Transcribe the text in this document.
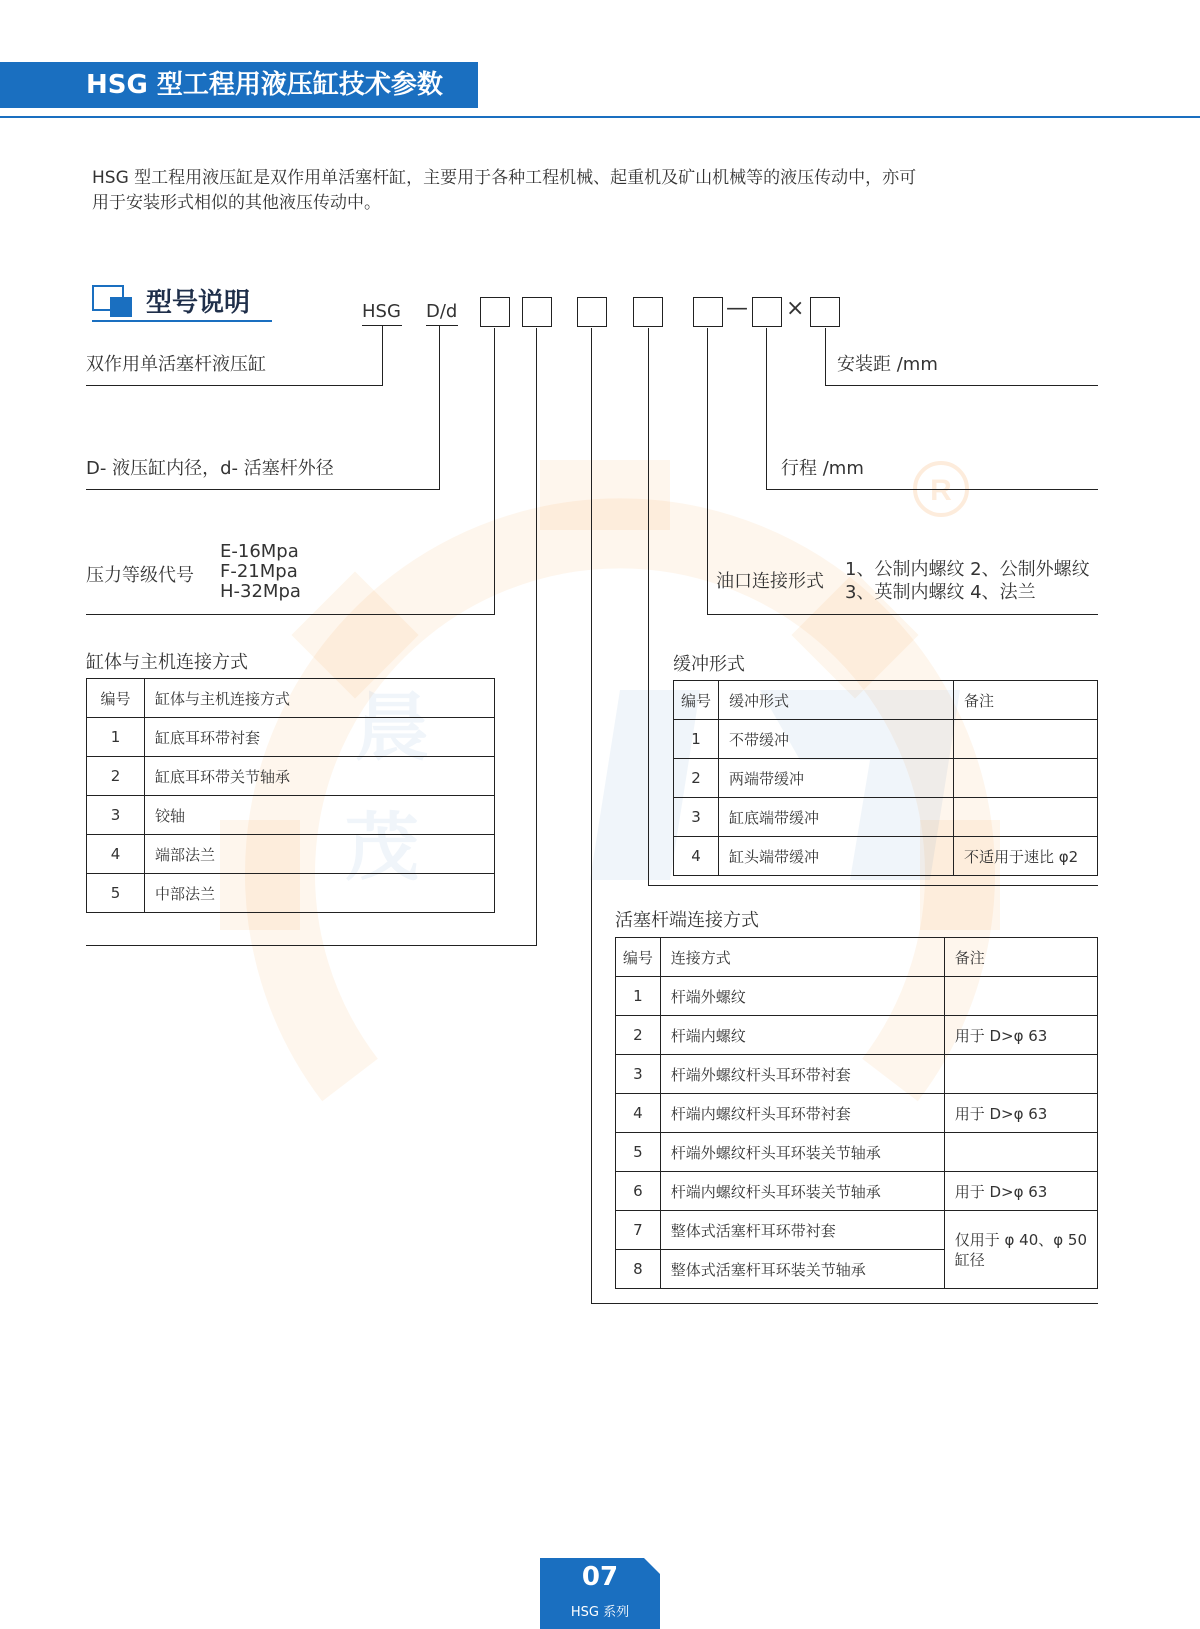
HSG 型工程用液压缸技术参数
HSG 型工程用液压缸是双作用单活塞杆缸，主要用于各种工程机械、起重机及矿山机械等的液压传动中，亦可
用于安装形式相似的其他液压传动中。
晨
茂
R
型号说明	HSG D/d	— ×
双作用单活塞杆液压缸
D- 液压缸内径，d- 活塞杆外径
压力等级代号
E-16Mpa
F-21Mpa
H-32Mpa	油口连接形式
1、公制内螺纹 2、公制外螺纹
3、英制内螺纹 4、法兰
行程 /mm
安装距 /mm
缸体与主机连接方式
编号	缸体与主机连接方式
1	缸底耳环带衬套
2	缸底耳环带关节轴承
3	铰轴
4	端部法兰
5	中部法兰
缓冲形式
编号	缓冲形式	备注
1	不带缓冲	
2	两端带缓冲	
3	缸底端带缓冲	
4	缸头端带缓冲	不适用于速比 φ2
活塞杆端连接方式
编号	连接方式	备注
1	杆端外螺纹	
2	杆端内螺纹	用于 D>φ 63
3	杆端外螺纹杆头耳环带衬套	
4	杆端内螺纹杆头耳环带衬套	用于 D>φ 63
5	杆端外螺纹杆头耳环装关节轴承	
6	杆端内螺纹杆头耳环装关节轴承	用于 D>φ 63
7	整体式活塞杆耳环带衬套	仅用于 φ 40、φ 50
缸径

8	整体式活塞杆耳环装关节轴承	
07
HSG 系列
